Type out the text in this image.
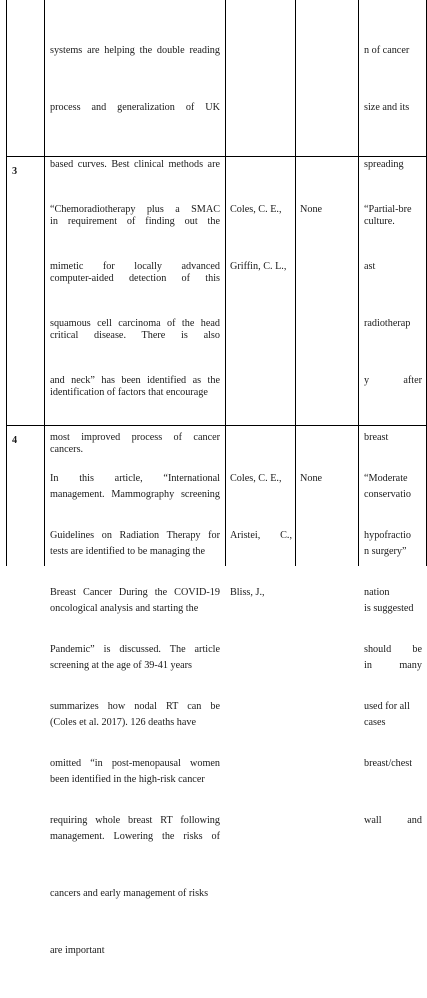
systems are helping the double reading

process and generalization of UK

based curves. Best clinical methods are

in requirement of finding out the

computer-aided detection of this

critical disease. There is also

identification of factors that encourage

cancers.

n of cancer

size and its

spreading

culture.

3

“Chemoradiotherapy plus a SMAC

mimetic for locally advanced

squamous cell carcinoma of the head

and neck” has been identified as the

most improved process of cancer

management. Mammography screening

tests are identified to be managing the

oncological analysis and starting the

screening at the age of 39-41 years

(Coles et al. 2017). 126 deaths have

been identified in the high-risk cancer

management. Lowering the risks of

cancers and early management of risks

are important

Coles, C. E.,

Griffin, C. L.,

None

	“Partial-bre

ast

radiotherap

y after

breast

conservatio

n surgery”

is suggested

in many

cases

4

In this article, “International

Guidelines on Radiation Therapy for

Breast Cancer During the COVID-19

Pandemic” is discussed. The article

summarizes how nodal RT can be

omitted “in post-menopausal women

requiring whole breast RT following

Coles, C. E.,

Aristei, C.,

Bliss, J.,

None

	“Moderate

hypofractio

nation

should be

used for all

breast/chest

wall and
